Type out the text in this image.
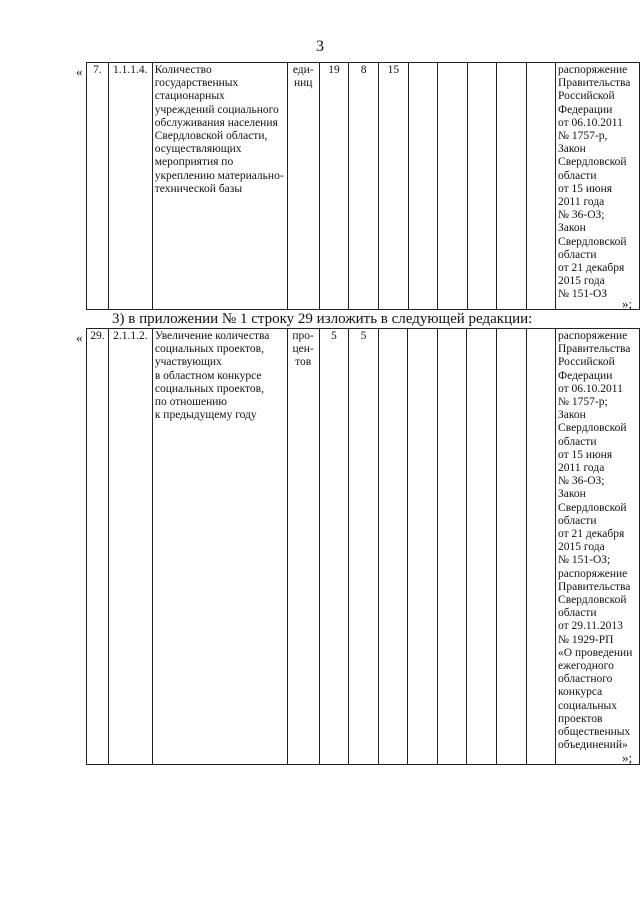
3
« 7.	1.1.1.4.	Количество
государственных
стационарных
учреждений социального
обслуживания населения
Свердловской области,
осуществляющих
мероприятия по
укреплению материально-
технической базы	еди-
ниц	19	8	15						распоряжение
Правительства
Российской
Федерации
от 06.10.2011
№ 1757-р,
Закон
Свердловской
области
от 15 июня
2011 года
№ 36-ОЗ;
Закон
Свердловской
области
от 21 декабря
2015 года
№ 151-ОЗ
»;
3) в приложении № 1 строку 29 изложить в следующей редакции:
« 29.	2.1.1.2.	Увеличение количества
социальных проектов,
участвующих
в областном конкурсе
социальных проектов,
по отношению
к предыдущему году	про-
цен-
тов	5	5							распоряжение
Правительства
Российской
Федерации
от 06.10.2011
№ 1757-р;
Закон
Свердловской
области
от 15 июня
2011 года
№ 36-ОЗ;
Закон
Свердловской
области
от 21 декабря
2015 года
№ 151-ОЗ;
распоряжение
Правительства
Свердловской
области
от 29.11.2013
№ 1929-РП
«О проведении
ежегодного
областного
конкурса
социальных
проектов
общественных
объединений»
»;
